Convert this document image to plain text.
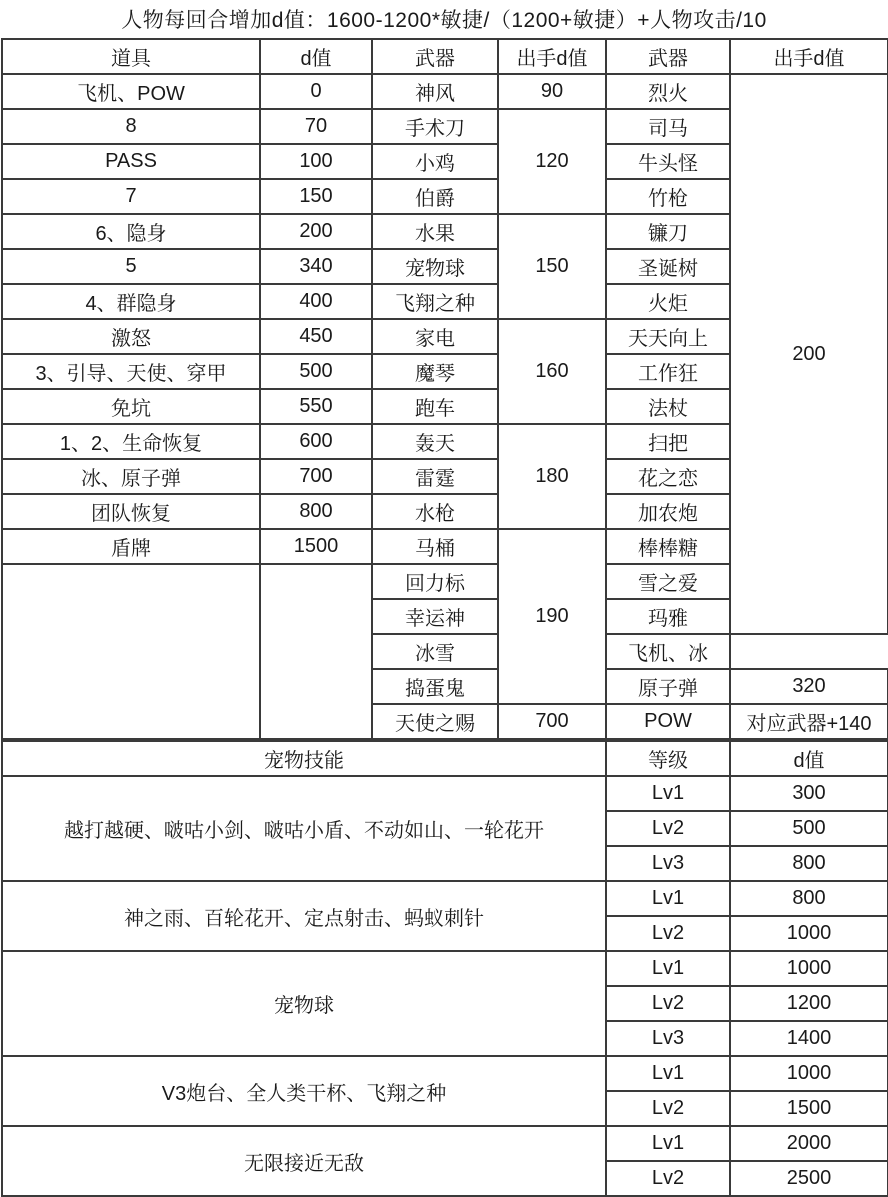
人物每回合增加d值：1600-1200*敏捷/（1200+敏捷）+人物攻击/10
道具	d值	武器	出手d值	武器	出手d值
飞机、POW	0	神风	90	烈火	200
8	70	手术刀	120	司马	
PASS	100	小鸡		牛头怪	
7	150	伯爵		竹枪	
6、隐身	200	水果	150	镰刀	
5	340	宠物球		圣诞树	
4、群隐身	400	飞翔之种		火炬	
激怒	450	家电	160	天天向上	
3、引导、天使、穿甲	500	魔琴		工作狂	
免坑	550	跑车		法杖	
1、2、生命恢复	600	轰天	180	扫把	
冰、原子弹	700	雷霆		花之恋	
团队恢复	800	水枪		加农炮	
盾牌	1500	马桶	190	棒棒糖	
		回力标		雪之爱	
		幸运神		玛雅	
		冰雪		飞机、冰	
		捣蛋鬼		原子弹	320
		天使之赐	700	POW	对应武器+140
宠物技能	等级	d值
越打越硬、啵咕小剑、啵咕小盾、不动如山、一轮花开	Lv1	300
	Lv2	500
	Lv3	800
神之雨、百轮花开、定点射击、蚂蚁刺针	Lv1	800
	Lv2	1000
宠物球	Lv1	1000
	Lv2	1200
	Lv3	1400
V3炮台、全人类干杯、飞翔之种	Lv1	1000
	Lv2	1500
无限接近无敌	Lv1	2000
	Lv2	2500
